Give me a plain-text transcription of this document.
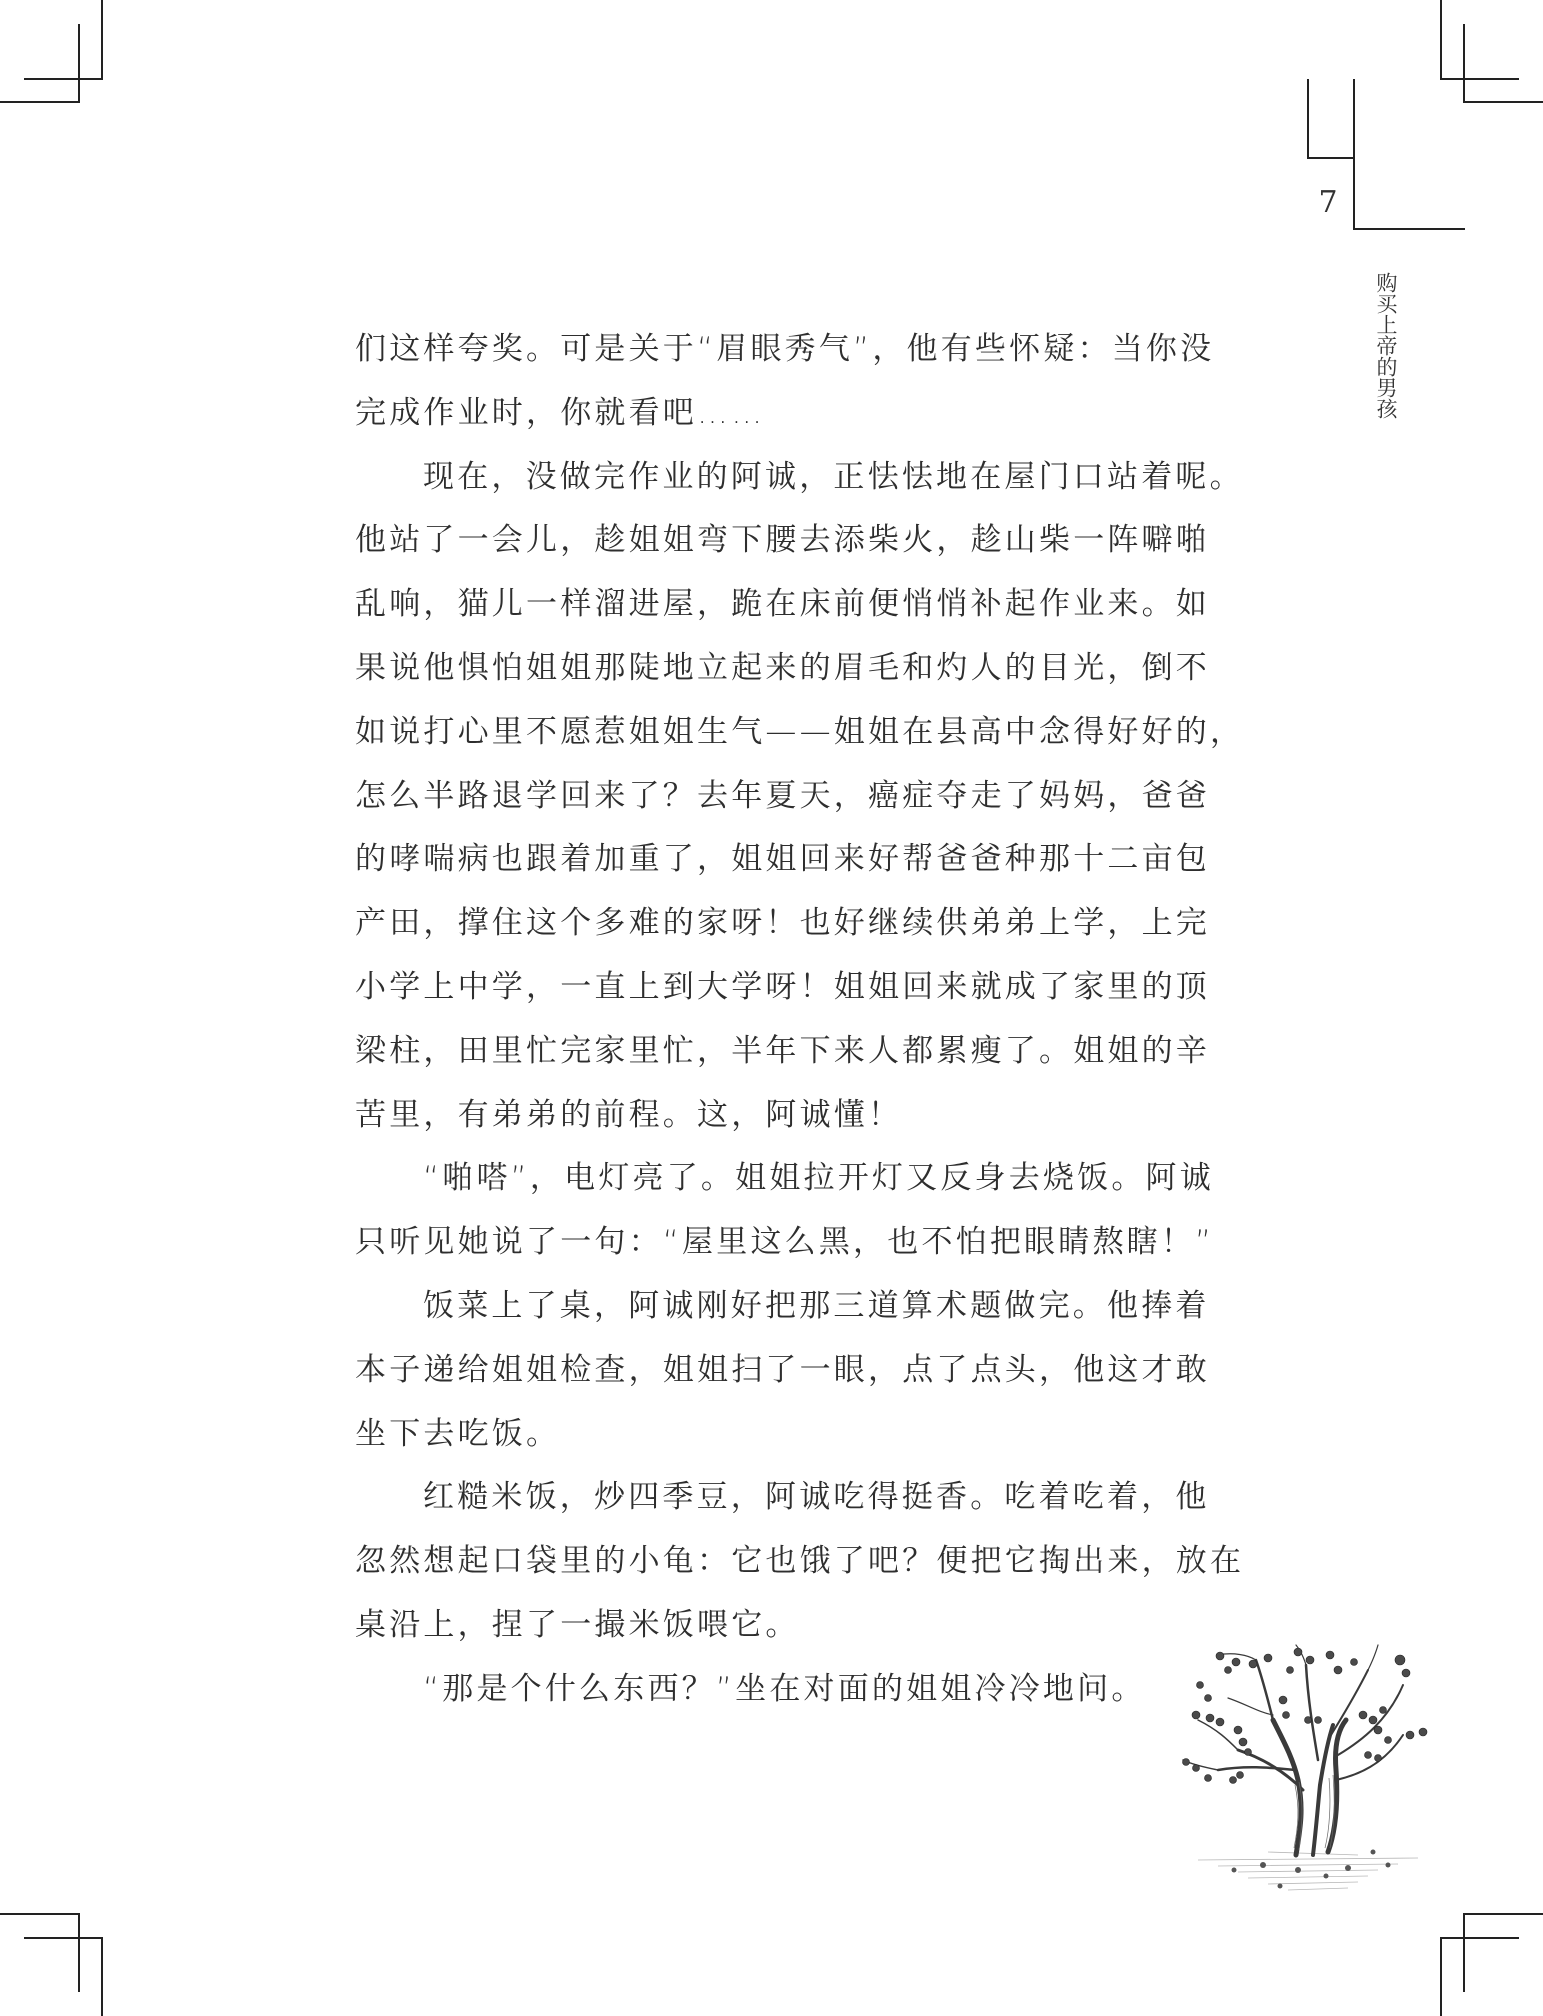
7
购买上帝的男孩
们这样夸奖。可是关于“眉眼秀气”，他有些怀疑：当你没
完成作业时，你就看吧……
现在，没做完作业的阿诚，正怯怯地在屋门口站着呢。
他站了一会儿，趁姐姐弯下腰去添柴火，趁山柴一阵噼啪
乱响，猫儿一样溜进屋，跪在床前便悄悄补起作业来。如
果说他惧怕姐姐那陡地立起来的眉毛和灼人的目光，倒不
如说打心里不愿惹姐姐生气——姐姐在县高中念得好好的，
怎么半路退学回来了？去年夏天，癌症夺走了妈妈，爸爸
的哮喘病也跟着加重了，姐姐回来好帮爸爸种那十二亩包
产田，撑住这个多难的家呀！也好继续供弟弟上学，上完
小学上中学，一直上到大学呀！姐姐回来就成了家里的顶
梁柱，田里忙完家里忙，半年下来人都累瘦了。姐姐的辛
苦里，有弟弟的前程。这，阿诚懂！
“啪嗒”，电灯亮了。姐姐拉开灯又反身去烧饭。阿诚
只听见她说了一句：“屋里这么黑，也不怕把眼睛熬瞎！”
饭菜上了桌，阿诚刚好把那三道算术题做完。他捧着
本子递给姐姐检查，姐姐扫了一眼，点了点头，他这才敢
坐下去吃饭。
红糙米饭，炒四季豆，阿诚吃得挺香。吃着吃着，他
忽然想起口袋里的小龟：它也饿了吧？便把它掏出来，放在
桌沿上，捏了一撮米饭喂它。
“那是个什么东西？”坐在对面的姐姐冷冷地问。
